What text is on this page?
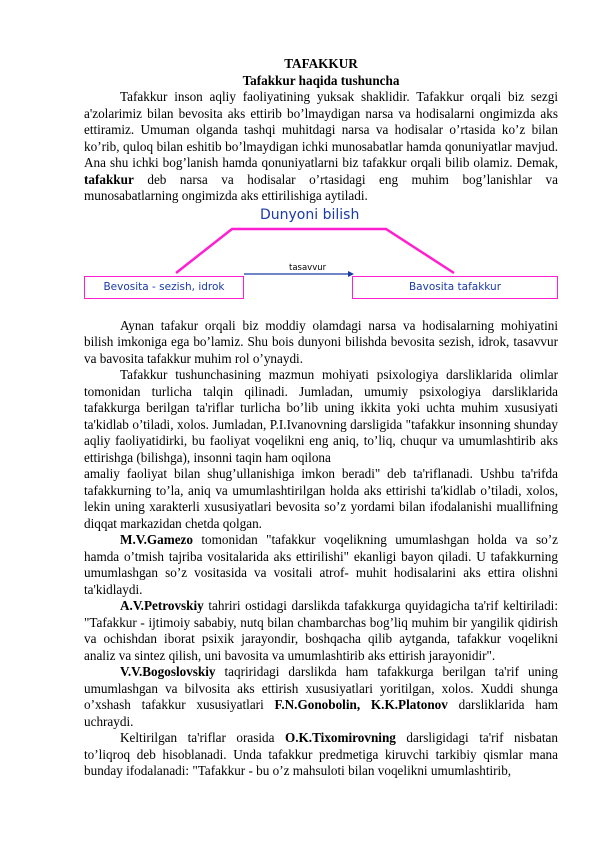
TAFAKKUR
Tafakkur haqida tushuncha

Tafakkur inson aqliy faoliyatining yuksak shaklidir. Tafakkur orqali biz sezgi a'zolarimiz bilan bevosita aks ettirib bo’lmaydigan narsa va hodisalarni ongimizda aks ettiramiz. Umuman olganda tashqi muhitdagi narsa va hodisalar o’rtasida ko’z bilan ko’rib, quloq bilan eshitib bo’lmaydigan ichki munosabatlar hamda qonuniyatlar mavjud. Ana shu ichki bog’lanish hamda qonuniyatlarni biz tafakkur orqali bilib olamiz. Demak, tafakkur deb narsa va hodisalar o’rtasidagi eng muhim bog’lanishlar va munosabatlarning ongimizda aks ettirilishiga aytiladi.

Dunyoni bilish
tasavvur
Bevosita - sezish, idrok	Bavosita tafakkur

Aynan tafakur orqali biz moddiy olamdagi narsa va hodisalarning mohiyatini bilish imkoniga ega bo’lamiz. Shu bois dunyoni bilishda bevosita sezish, idrok, tasavvur va bavosita tafakkur muhim rol o’ynaydi.

Tafakkur tushunchasining mazmun mohiyati psixologiya darsliklarida olimlar tomonidan turlicha talqin qilinadi. Jumladan, umumiy psixologiya darsliklarida tafakkurga berilgan ta'riflar turlicha bo’lib uning ikkita yoki uchta muhim xususiyati ta'kidlab o’tiladi, xolos. Jumladan, P.I.Ivanovning darsligida "tafakkur insonning shunday aqliy faoliyatidirki, bu faoliyat voqelikni eng aniq, to’liq, chuqur va umumlashtirib aks ettirishga (bilishga), insonni taqin ham oqilona

amaliy faoliyat bilan shug’ullanishiga imkon beradi" deb ta'riflanadi. Ushbu ta'rifda tafakkurning to’la, aniq va umumlashtirilgan holda aks ettirishi ta'kidlab o’tiladi, xolos, lekin uning xarakterli xususiyatlari bevosita so’z yordami bilan ifodalanishi muallifning diqqat markazidan chetda qolgan.

M.V.Gamezo tomonidan "tafakkur voqelikning umumlashgan holda va so’z hamda o’tmish tajriba vositalarida aks ettirilishi" ekanligi bayon qiladi. U tafakkurning umumlashgan so’z vositasida va vositali atrof- muhit hodisalarini aks ettira olishni ta'kidlaydi.

A.V.Petrovskiy tahriri ostidagi darslikda tafakkurga quyidagicha ta'rif keltiriladi: "Tafakkur - ijtimoiy sababiy, nutq bilan chambarchas bog’liq muhim bir yangilik qidirish va ochishdan iborat psixik jarayondir, boshqacha qilib aytganda, tafakkur voqelikni analiz va sintez qilish, uni bavosita va umumlashtirib aks ettirish jarayonidir".

V.V.Bogoslovskiy taqriridagi darslikda ham tafakkurga berilgan ta'rif uning umumlashgan va bilvosita aks ettirish xususiyatlari yoritilgan, xolos. Xuddi shunga o’xshash tafakkur xususiyatlari F.N.Gonobolin, K.K.Platonov darsliklarida ham uchraydi.

Keltirilgan ta'riflar orasida O.K.Tixomirovning darsligidagi ta'rif nisbatan to’liqroq deb hisoblanadi. Unda tafakkur predmetiga kiruvchi tarkibiy qismlar mana bunday ifodalanadi: "Tafakkur - bu o’z mahsuloti bilan voqelikni umumlashtirib,
